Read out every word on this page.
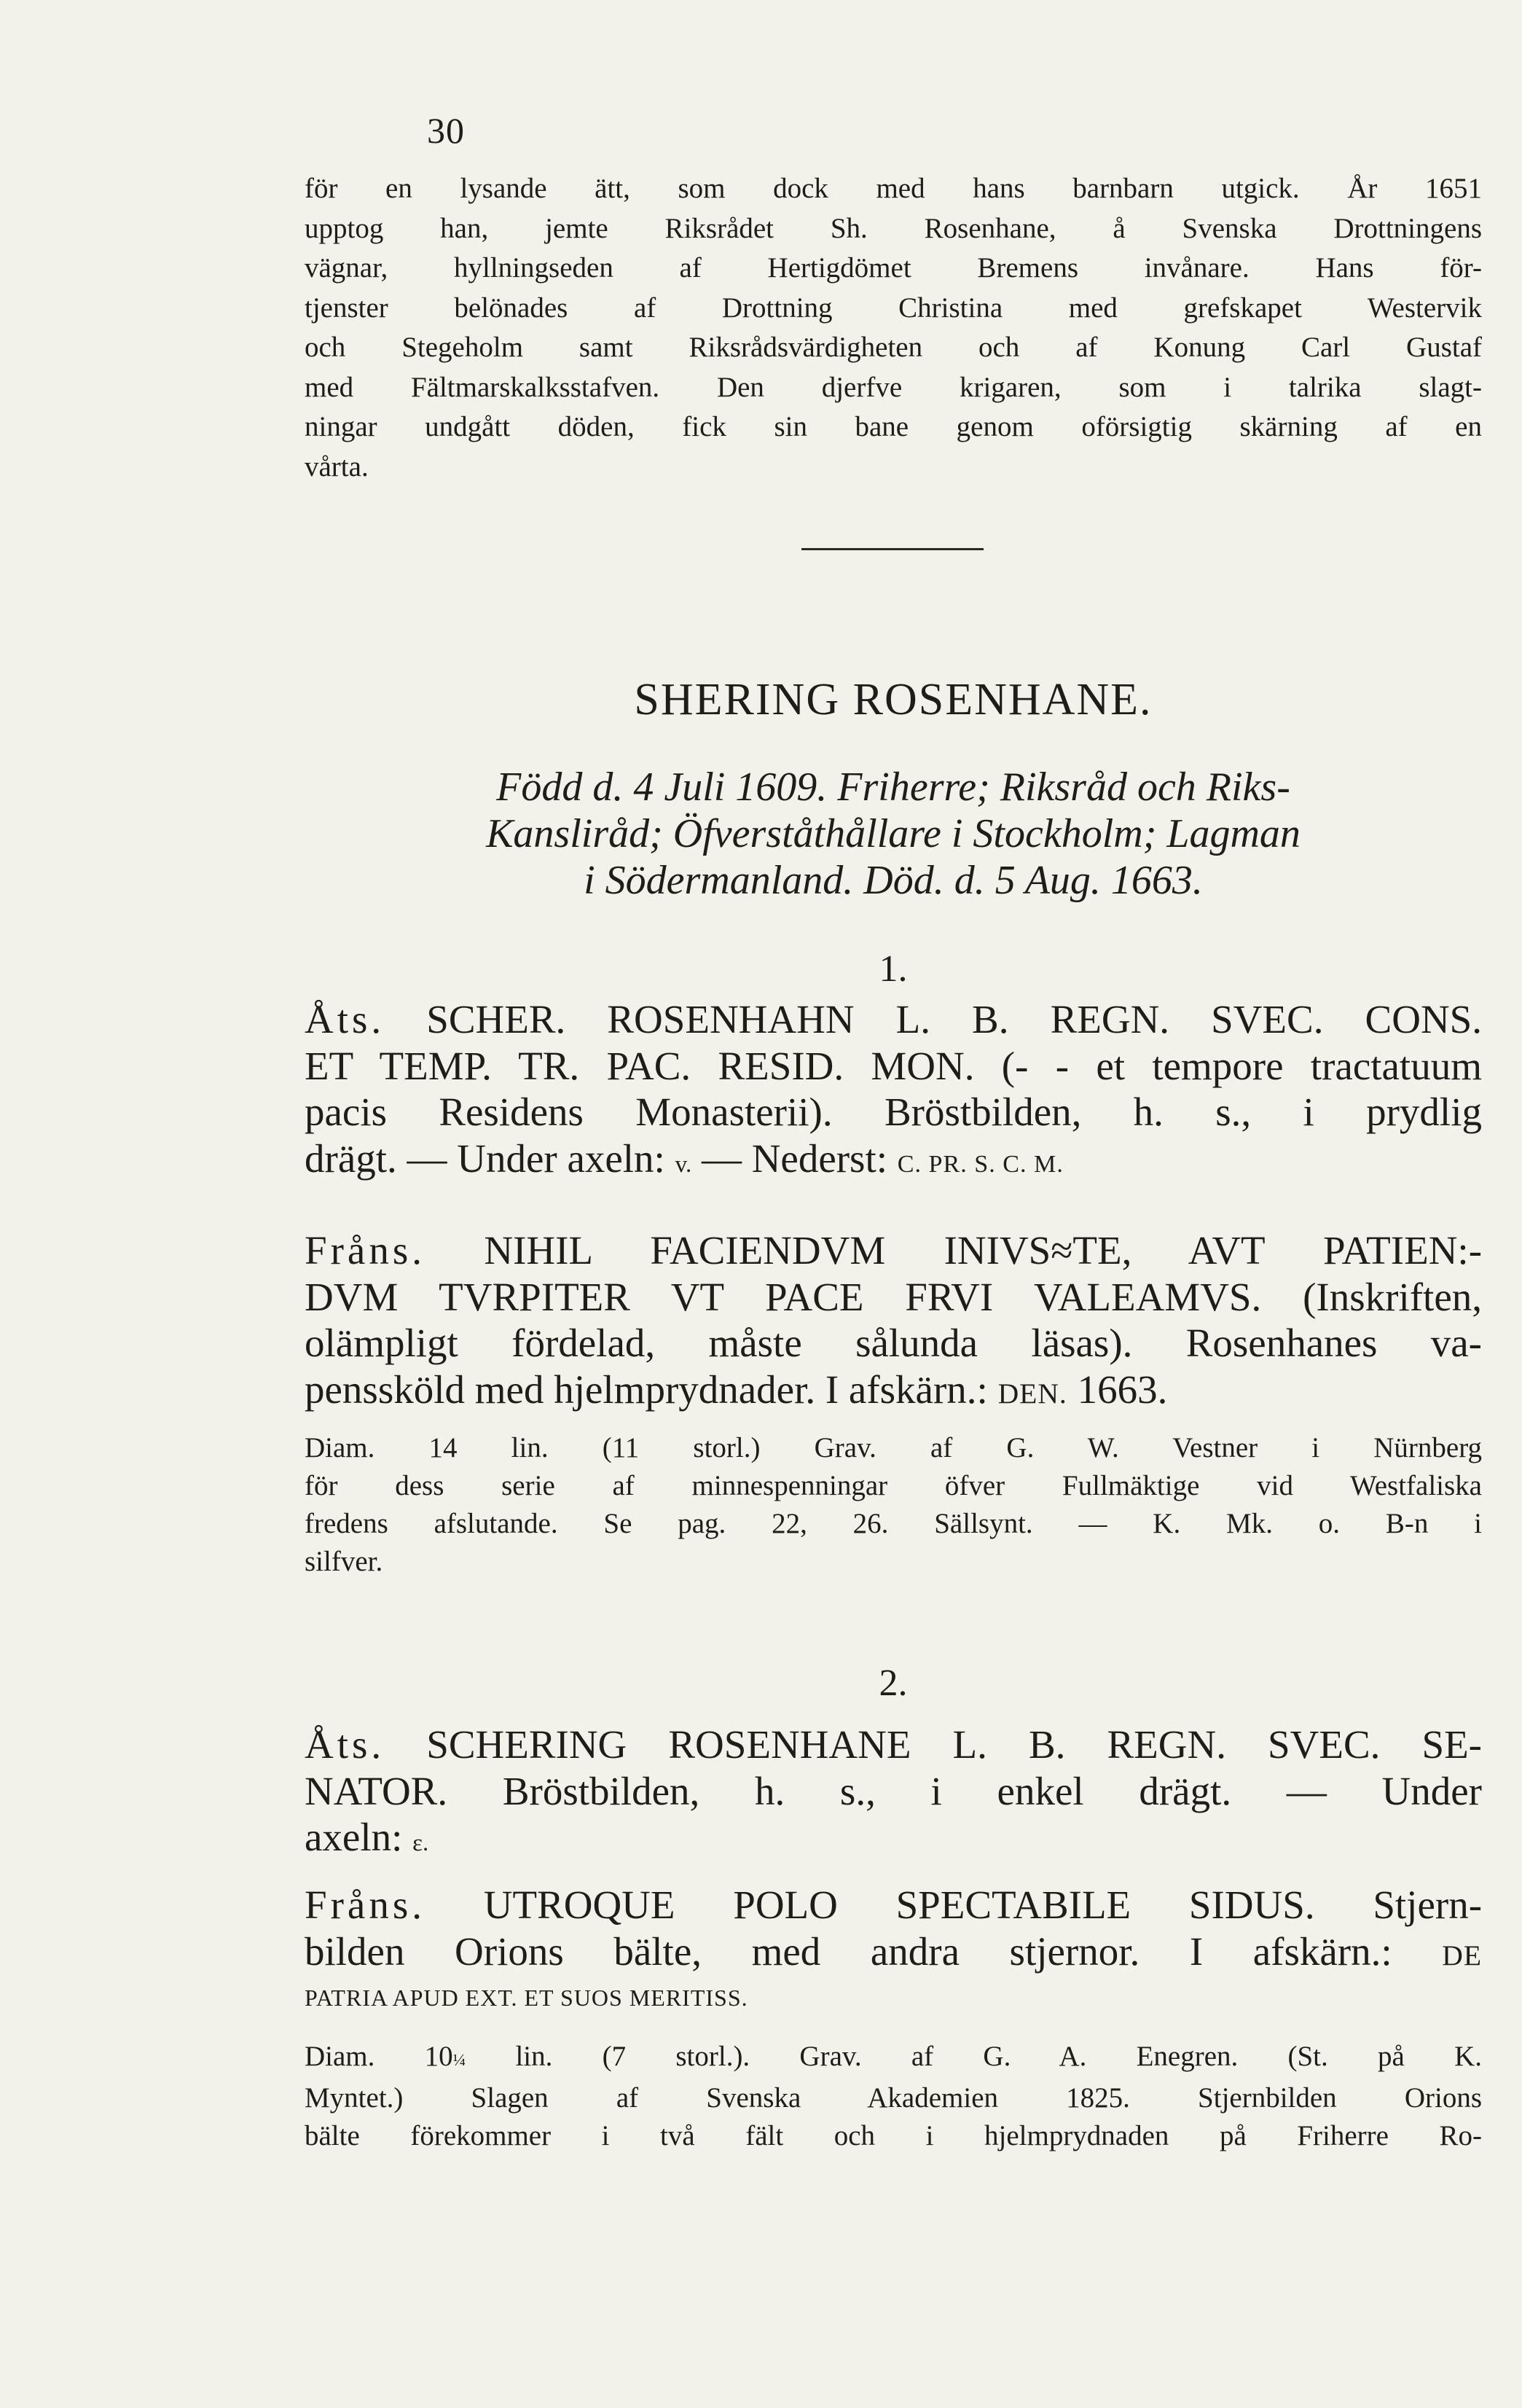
30
för en lysande ätt, som dock med hans barnbarn utgick. År 1651
upptog han, jemte Riksrådet Sh. Rosenhane, å Svenska Drottningens
vägnar, hyllningseden af Hertigdömet Bremens invånare. Hans för-
tjenster belönades af Drottning Christina med grefskapet Westervik
och Stegeholm samt Riksrådsvärdigheten och af Konung Carl Gustaf
med Fältmarskalksstafven. Den djerfve krigaren, som i talrika slagt-
ningar undgått döden, fick sin bane genom oförsigtig skärning af en
vårta.
SHERING ROSENHANE.
Född d. 4 Juli 1609. Friherre; Riksråd och Riks-
Kansliråd; Öfverståthållare i Stockholm; Lagman
i Södermanland. Död. d. 5 Aug. 1663.
1.
Åts. SCHER. ROSENHAHN L. B. REGN. SVEC. CONS.
ET TEMP. TR. PAC. RESID. MON. (- - et tempore tractatuum
pacis Residens Monasterii). Bröstbilden, h. s., i prydlig
drägt. — Under axeln: v. — Nederst: C. PR. S. C. M.
Fråns. NIHIL FACIENDVM INIVS≈TE, AVT PATIEN:-
DVM TVRPITER VT PACE FRVI VALEAMVS. (Inskriften,
olämpligt fördelad, måste sålunda läsas). Rosenhanes va-
penssköld med hjelmprydnader. I afskärn.: DEN. 1663.
Diam. 14 lin. (11 storl.) Grav. af G. W. Vestner i Nürnberg
för dess serie af minnespenningar öfver Fullmäktige vid Westfaliska
fredens afslutande. Se pag. 22, 26. Sällsynt. — K. Mk. o. B-n i
silfver.
2.
Åts. SCHERING ROSENHANE L. B. REGN. SVEC. SE-
NATOR. Bröstbilden, h. s., i enkel drägt. — Under
axeln: ε.
Fråns. UTROQUE POLO SPECTABILE SIDUS. Stjern-
bilden Orions bälte, med andra stjernor. I afskärn.: DE
PATRIA APUD EXT. ET SUOS MERITISS.
Diam. 10¼ lin. (7 storl.). Grav. af G. A. Enegren. (St. på K.
Myntet.) Slagen af Svenska Akademien 1825. Stjernbilden Orions
bälte förekommer i två fält och i hjelmprydnaden på Friherre Ro-
